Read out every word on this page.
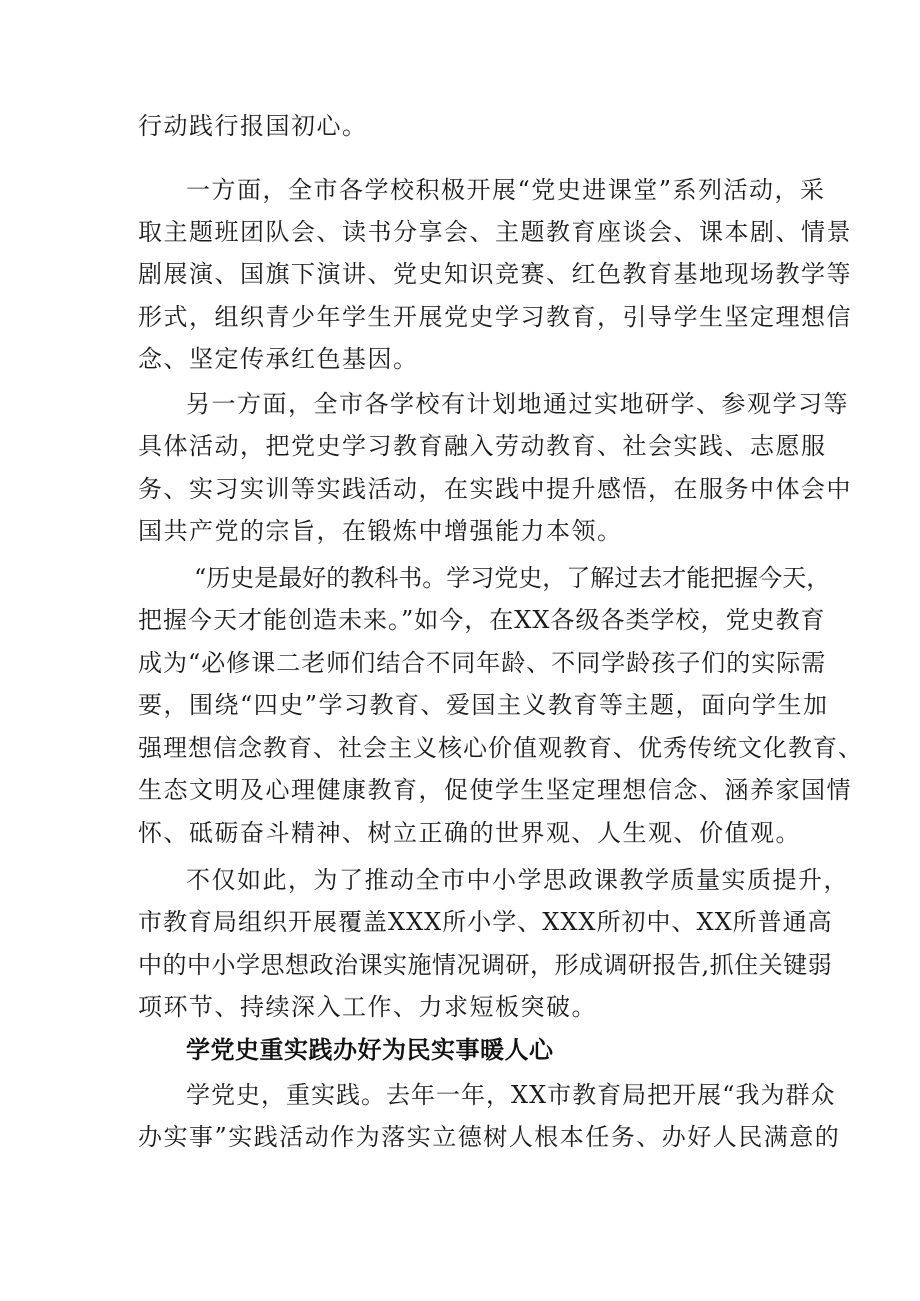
行动践行报国初心。
一方面，全市各学校积极开展“党史进课堂”系列活动，采
取主题班团队会、读书分享会、主题教育座谈会、课本剧、情景
剧展演、国旗下演讲、党史知识竞赛、红色教育基地现场教学等
形式，组织青少年学生开展党史学习教育，引导学生坚定理想信
念、坚定传承红色基因。
另一方面，全市各学校有计划地通过实地研学、参观学习等
具体活动，把党史学习教育融入劳动教育、社会实践、志愿服
务、实习实训等实践活动，在实践中提升感悟，在服务中体会中
国共产党的宗旨，在锻炼中增强能力本领。
“历史是最好的教科书。学习党史，了解过去才能把握今天，
把握今天才能创造未来。”如今，在XX各级各类学校，党史教育
成为“必修课二老师们结合不同年龄、不同学龄孩子们的实际需
要，围绕“四史”学习教育、爱国主义教育等主题，面向学生加
强理想信念教育、社会主义核心价值观教育、优秀传统文化教育、
生态文明及心理健康教育，促使学生坚定理想信念、涵养家国情
怀、砥砺奋斗精神、树立正确的世界观、人生观、价值观。
不仅如此，为了推动全市中小学思政课教学质量实质提升，
市教育局组织开展覆盖XXX所小学、XXX所初中、XX所普通高
中的中小学思想政治课实施情况调研，形成调研报告,抓住关键弱
项环节、持续深入工作、力求短板突破。
学党史重实践办好为民实事暖人心
学党史，重实践。去年一年，XX市教育局把开展“我为群众
办实事”实践活动作为落实立德树人根本任务、办好人民满意的
